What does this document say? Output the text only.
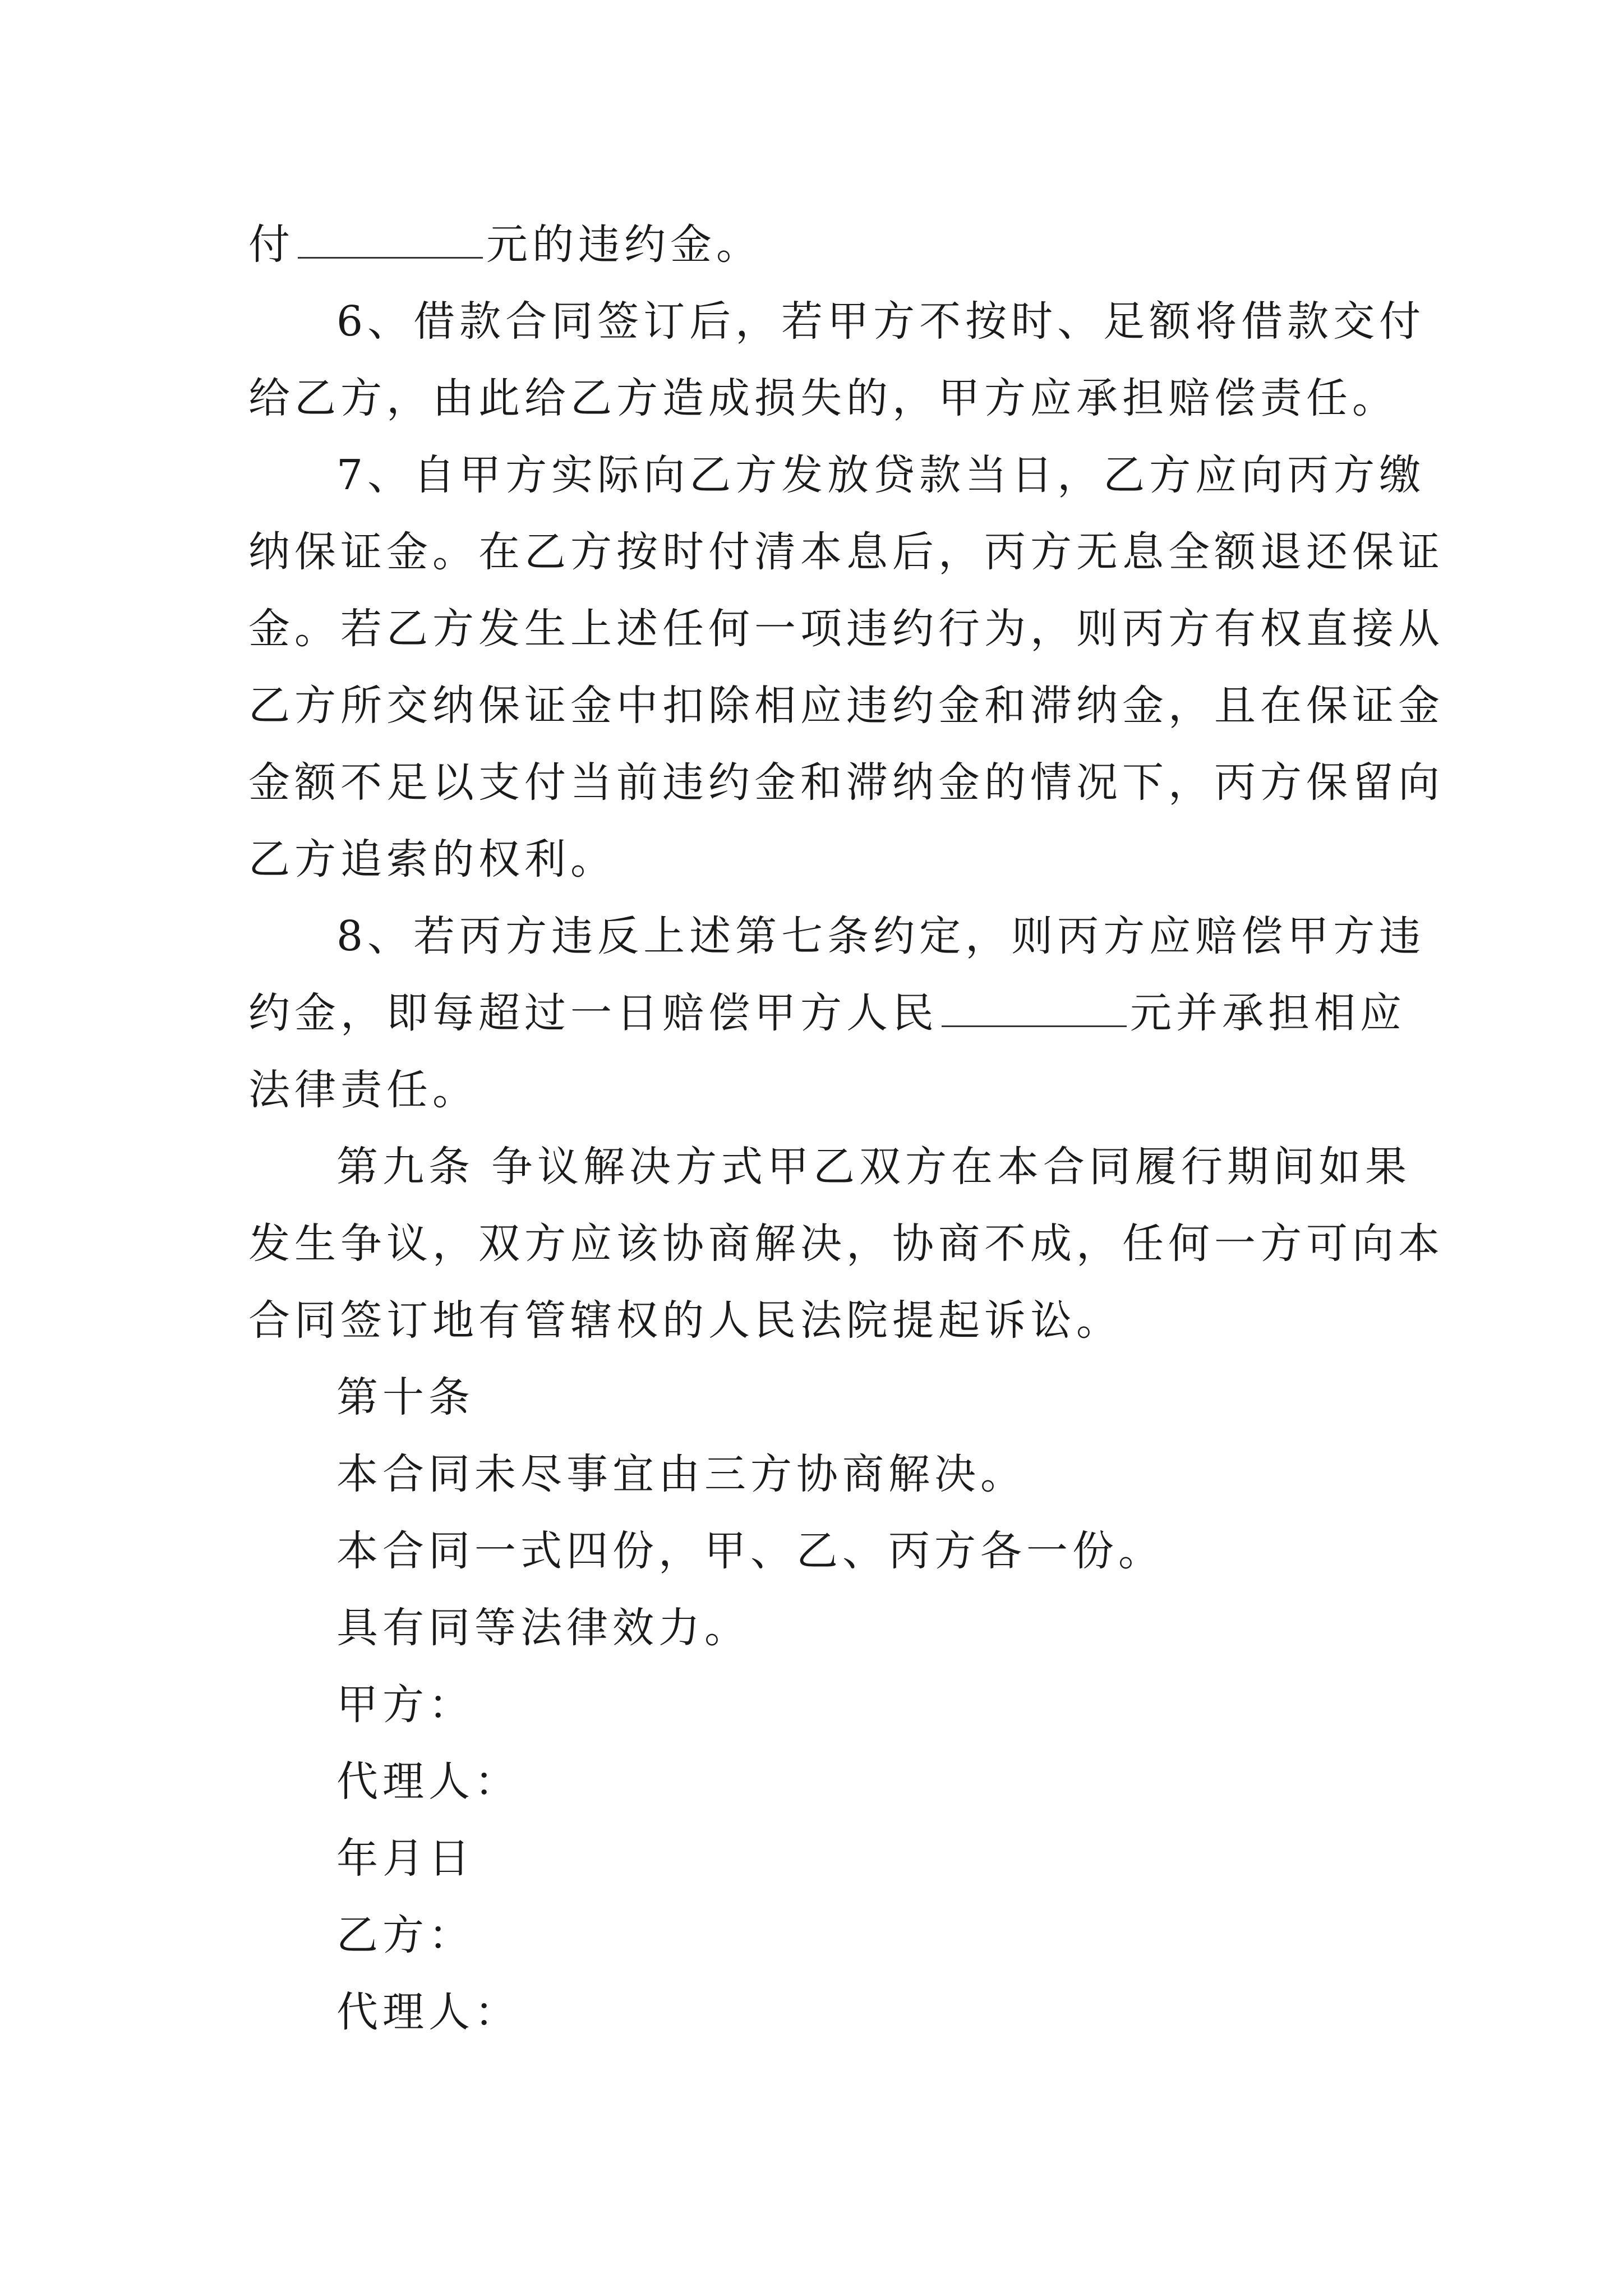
付	元的违约金。
6、借款合同签订后，若甲方不按时、足额将借款交付
给乙方，由此给乙方造成损失的，甲方应承担赔偿责任。
7、自甲方实际向乙方发放贷款当日，乙方应向丙方缴
纳保证金。在乙方按时付清本息后，丙方无息全额退还保证
金。若乙方发生上述任何一项违约行为，则丙方有权直接从
乙方所交纳保证金中扣除相应违约金和滞纳金，且在保证金
金额不足以支付当前违约金和滞纳金的情况下，丙方保留向
乙方追索的权利。
8、若丙方违反上述第七条约定，则丙方应赔偿甲方违
约金，即每超过一日赔偿甲方人民	元并承担相应
法律责任。
第九条 争议解决方式甲乙双方在本合同履行期间如果
发生争议，双方应该协商解决，协商不成，任何一方可向本
合同签订地有管辖权的人民法院提起诉讼。
第十条
本合同未尽事宜由三方协商解决。
本合同一式四份，甲、乙、丙方各一份。
具有同等法律效力。
甲方：
代理人：
年月日
乙方：
代理人：
